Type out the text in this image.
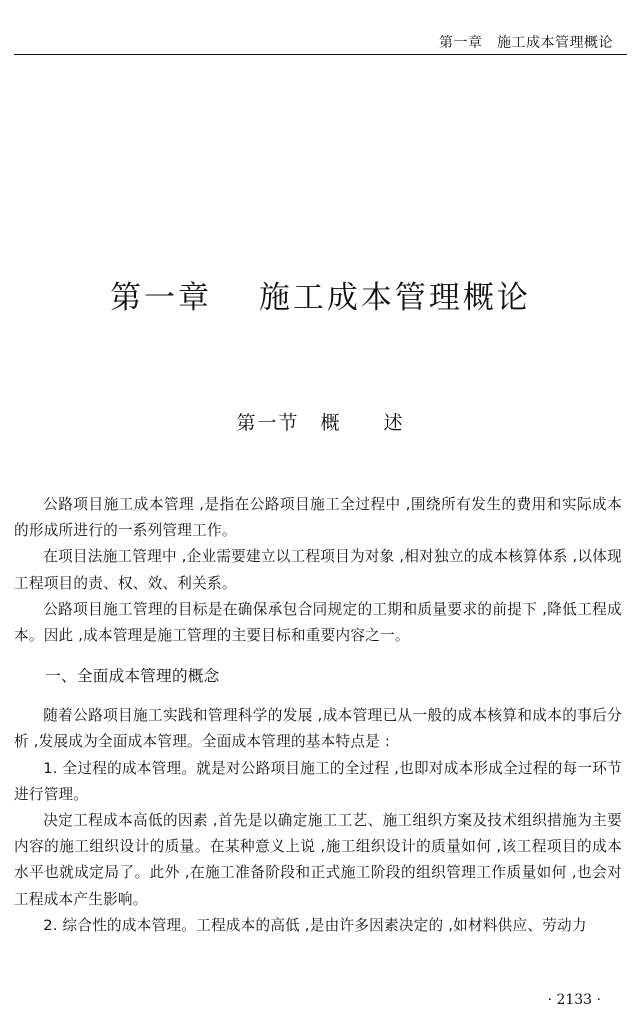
第一章　施工成本管理概论
第一章　 施工成本管理概论
第一节　概　　述

公路项目施工成本管理 ,是指在公路项目施工全过程中 ,围绕所有发生的费用和实际成本的形成所进行的一系列管理工作。

在项目法施工管理中 ,企业需要建立以工程项目为对象 ,相对独立的成本核算体系 ,以体现工程项目的责、权、效、利关系。

公路项目施工管理的目标是在确保承包合同规定的工期和质量要求的前提下 ,降低工程成本。因此 ,成本管理是施工管理的主要目标和重要内容之一。

一、全面成本管理的概念

随着公路项目施工实践和管理科学的发展 ,成本管理已从一般的成本核算和成本的事后分析 ,发展成为全面成本管理。全面成本管理的基本特点是 :

1. 全过程的成本管理。就是对公路项目施工的全过程 ,也即对成本形成全过程的每一环节进行管理。

决定工程成本高低的因素 ,首先是以确定施工工艺、施工组织方案及技术组织措施为主要内容的施工组织设计的质量。在某种意义上说 ,施工组织设计的质量如何 ,该工程项目的成本水平也就成定局了。此外 ,在施工准备阶段和正式施工阶段的组织管理工作质量如何 ,也会对工程成本产生影响。

2. 综合性的成本管理。工程成本的高低 ,是由许多因素决定的 ,如材料供应、劳动力

· 2133 ·
